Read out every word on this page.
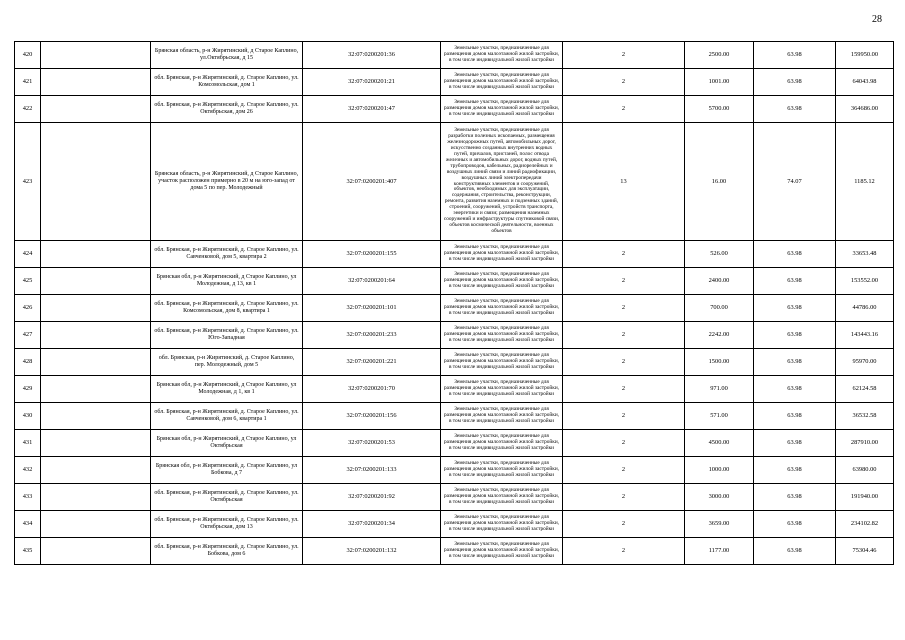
28
420		Брянская область, р-н Жирятинский, д Старое Каплино, ул.Октябрьская, д 15	32:07:0200201:36	Земельные участки, предназначенные для размещения домов малоэтажной жилой застройки, в том числе индивидуальной жилой застройки	2	2500.00	63.98	159950.00
421		обл. Брянская, р-н Жирятинский, д. Старое Каплино, ул. Комсомольская, дом 1	32:07:0200201:21	Земельные участки, предназначенные для размещения домов малоэтажной жилой застройки, в том числе индивидуальной жилой застройки	2	1001.00	63.98	64043.98
422		обл. Брянская, р-н Жирятинский, д. Старое Каплино, ул. Октябрьская, дом 26	32:07:0200201:47	Земельные участки, предназначенные для размещения домов малоэтажной жилой застройки, в том числе индивидуальной жилой застройки	2	5700.00	63.98	364686.00
423		Брянская область, р-н Жирятинский, д Старое Каплино, участок расположен примерно в 20 м на юго-запад от дома 5 по пер. Молодежный	32:07:0200201:407	Земельные участки, предназначенные для разработки полезных ископаемых, размещения железнодорожных путей, автомобильных дорог, искусственно созданных внутренних водных путей, причалов, пристаней, полос отвода железных и автомобильных дорог, водных путей, трубопроводов, кабельных, радиорелейных и воздушных линий связи и линий радиофикации, воздушных линий электропередачи конструктивных элементов и сооружений, объектов, необходимых для эксплуатации, содержания, строительства, реконструкции, ремонта, развития наземных и подземных зданий, строений, сооружений, устройств транспорта, энергетики и связи; размещения наземных сооружений и инфраструктуры спутниковой связи, объектов космической деятельности, военных объектов	13	16.00	74.07	1185.12
424		обл. Брянская, р-н Жирятинский, д. Старое Каплино, ул. Савченковой, дом 5, квартира 2	32:07:0200201:155	Земельные участки, предназначенные для размещения домов малоэтажной жилой застройки, в том числе индивидуальной жилой застройки	2	526.00	63.98	33653.48
425		Брянская обл, р-н Жирятинский, д Старое Каплино, ул Молодежная, д 13, кв 1	32:07:0200201:64	Земельные участки, предназначенные для размещения домов малоэтажной жилой застройки, в том числе индивидуальной жилой застройки	2	2400.00	63.98	153552.00
426		обл. Брянская, р-н Жирятинский, д. Старое Каплино, ул. Комсомольская, дом 8, квартира 1	32:07:0200201:101	Земельные участки, предназначенные для размещения домов малоэтажной жилой застройки, в том числе индивидуальной жилой застройки	2	700.00	63.98	44786.00
427		обл. Брянская, р-н Жирятинский, д. Старое Каплино, ул. Юго-Западная	32:07:0200201:233	Земельные участки, предназначенные для размещения домов малоэтажной жилой застройки, в том числе индивидуальной жилой застройки	2	2242.00	63.98	143443.16
428		обл. Брянская, р-н Жирятинский, д. Старое Каплино, пер. Молодежный, дом 5	32:07:0200201:221	Земельные участки, предназначенные для размещения домов малоэтажной жилой застройки, в том числе индивидуальной жилой застройки	2	1500.00	63.98	95970.00
429		Брянская обл, р-н Жирятинский, д Старое Каплино, ул Молодежная, д 1, кв 1	32:07:0200201:70	Земельные участки, предназначенные для размещения домов малоэтажной жилой застройки, в том числе индивидуальной жилой застройки	2	971.00	63.98	62124.58
430		обл. Брянская, р-н Жирятинский, д. Старое Каплино, ул. Савченковой, дом 6, квартира 1	32:07:0200201:156	Земельные участки, предназначенные для размещения домов малоэтажной жилой застройки, в том числе индивидуальной жилой застройки	2	571.00	63.98	36532.58
431		Брянская обл, р-н Жирятинский, д Старое Каплино, ул Октябрьская	32:07:0200201:53	Земельные участки, предназначенные для размещения домов малоэтажной жилой застройки, в том числе индивидуальной жилой застройки	2	4500.00	63.98	287910.00
432		Брянская обл, р-н Жирятинский, д. Старое Каплино, ул Бобкова, д 7	32:07:0200201:133	Земельные участки, предназначенные для размещения домов малоэтажной жилой застройки, в том числе индивидуальной жилой застройки	2	1000.00	63.98	63980.00
433		обл. Брянская, р-н Жирятинский, д. Старое Каплино, ул. Октябрьская	32:07:0200201:92	Земельные участки, предназначенные для размещения домов малоэтажной жилой застройки, в том числе индивидуальной жилой застройки	2	3000.00	63.98	191940.00
434		обл. Брянская, р-н Жирятинский, д. Старое Каплино, ул. Октябрьская, дом 13	32:07:0200201:34	Земельные участки, предназначенные для размещения домов малоэтажной жилой застройки, в том числе индивидуальной жилой застройки	2	3659.00	63.98	234102.82
435		обл. Брянская, р-н Жирятинский, д. Старое Каплино, ул. Бобкова, дом 6	32:07:0200201:132	Земельные участки, предназначенные для размещения домов малоэтажной жилой застройки, в том числе индивидуальной жилой застройки	2	1177.00	63.98	75304.46
